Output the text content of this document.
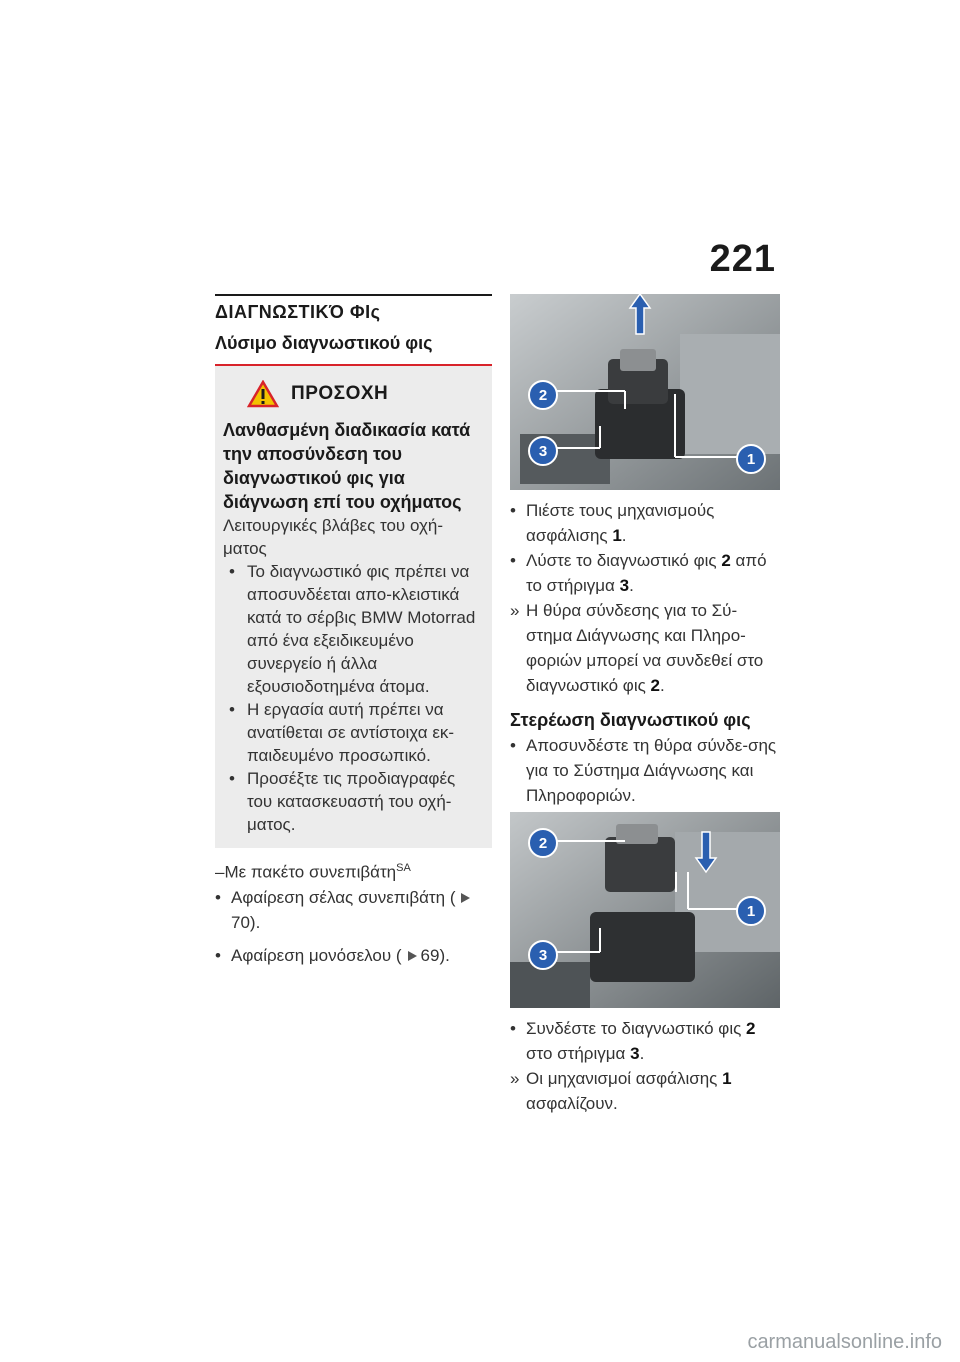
221
ΔΙΑΓΝΩΣΤΙΚΌ ΦΙς
Λύσιμο διαγνωστικού φις
ΠΡΟΣΟΧΗ
Λανθασμένη διαδικασία κατά την αποσύνδεση του διαγνωστικού φις για διάγνωση επί του οχήματος
Λειτουργικές βλάβες του οχή-ματος
• Το διαγνωστικό φις πρέπει να αποσυνδέεται απο-κλειστικά κατά το σέρβις BMW Motorrad από ένα εξειδικευμένο συνεργείο ή άλλα εξουσιοδοτημένα άτομα.
• Η εργασία αυτή πρέπει να ανατίθεται σε αντίστοιχα εκ-παιδευμένο προσωπικό.
• Προσέξτε τις προδιαγραφές του κατασκευαστή του οχή-ματος.
–Με πακέτο συνεπιβάτη$^{SA}$
• Αφαίρεση σέλας συνεπιβάτη (70).
• Αφαίρεση μονόσελου ( 69).
2
3	1
• Πιέστε τους μηχανισμούς ασφάλισης 1.
• Λύστε το διαγνωστικό φις 2 από το στήριγμα 3.
» Η θύρα σύνδεσης για το Σύ-στημα Διάγνωσης και Πληρο-φοριών μπορεί να συνδεθεί στο διαγνωστικό φις 2.
Στερέωση διαγνωστικού φις
• Αποσυνδέστε τη θύρα σύνδε-σης για το Σύστημα Διάγνωσης και Πληροφοριών.
2
3
1
• Συνδέστε το διαγνωστικό φις 2 στο στήριγμα 3.
» Οι μηχανισμοί ασφάλισης 1 ασφαλίζουν.
carmanualsonline.info
